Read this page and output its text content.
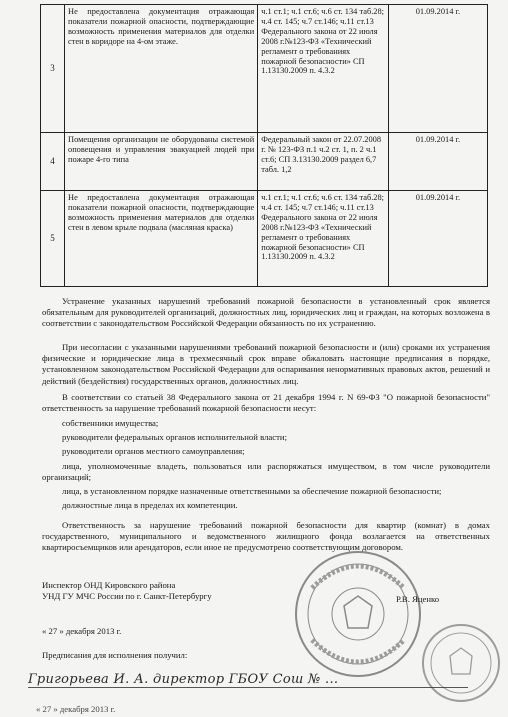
3	Не предоставлена документация отражающая показатели пожарной опасности, подтверждающие возможность применения материалов для отделки стен в коридоре на 4-ом этаже.	ч.1 ст.1; ч.1 ст.6; ч.6 ст. 134 таб.28; ч.4 ст. 145; ч.7 ст.146; ч.11 ст.13 Федерального закона от 22 июля 2008 г.№123-ФЗ «Технический регламент о требованиях пожарной безопасности» СП 1.13130.2009 п. 4.3.2	01.09.2014 г.
4	Помещения организации не оборудованы системой оповещения и управления эвакуацией людей при пожаре 4-го типа	Федеральный закон от 22.07.2008 г. № 123-ФЗ п.1 ч.2 ст. 1, п. 2 ч.1 ст.6; СП 3.13130.2009 раздел 6,7 табл. 1,2	01.09.2014 г.
5	Не предоставлена документация отражающая показатели пожарной опасности, подтверждающие возможность применения материалов для отделки стен в левом крыле подвала (масляная краска)	ч.1 ст.1; ч.1 ст.6; ч.6 ст. 134 таб.28; ч.4 ст. 145; ч.7 ст.146; ч.11 ст.13 Федерального закона от 22 июля 2008 г.№123-ФЗ «Технический регламент о требованиях пожарной безопасности» СП 1.13130.2009 п. 4.3.2	01.09.2014 г.

Устранение указанных нарушений требований пожарной безопасности в установленный срок является обязательным для руководителей организаций, должностных лиц, юридических лиц и граждан, на которых возложена в соответствии с законодательством Российской Федерации обязанность по их устранению.

При несогласии с указанными нарушениями требований пожарной безопасности и (или) сроками их устранения физические и юридические лица в трехмесячный срок вправе обжаловать настоящие предписания в порядке, установленном законодательством Российской Федерации для оспаривания ненормативных правовых актов, решений и действий (бездействия) государственных органов, должностных лиц.

В соответствии со статьей 38 Федерального закона от 21 декабря 1994 г. N 69-ФЗ "О пожарной безопасности" ответственность за нарушение требований пожарной безопасности несут:

собственники имущества;

руководители федеральных органов исполнительной власти;

руководители органов местного самоуправления;

лица, уполномоченные владеть, пользоваться или распоряжаться имуществом, в том числе руководители организаций;

лица, в установленном порядке назначенные ответственными за обеспечение пожарной безопасности;

должностные лица в пределах их компетенции.

Ответственность за нарушение требований пожарной безопасности для квартир (комнат) в домах государственного, муниципального и ведомственного жилищного фонда возлагается на ответственных квартиросъемщиков или арендаторов, если иное не предусмотрено соответствующим договором.

Инспектор ОНД Кировского района
УНД ГУ МЧС России по г. Санкт-Петербургу	Р.В. Яценко
« 27 » декабря 2013 г.
Предписания для исполнения получил:
Григорьева И. А. директор ГБОУ Сош № ...
« 27 » декабря 2013 г.
